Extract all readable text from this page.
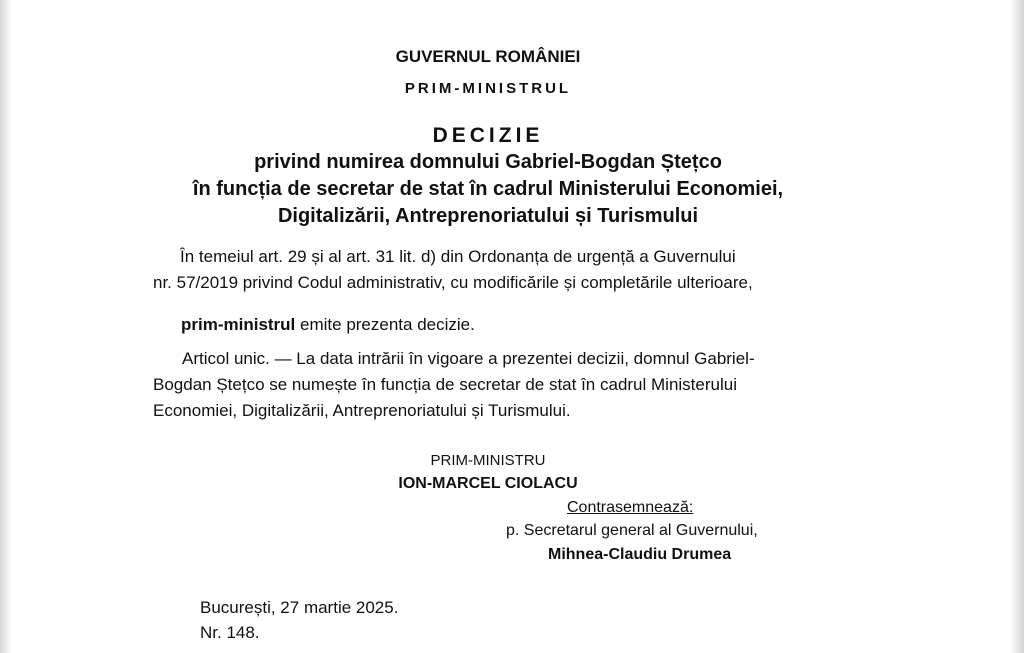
GUVERNUL ROMÂNIEI
PRIM-MINISTRUL
DECIZIE
privind numirea domnului Gabriel-Bogdan Ștețco
în funcția de secretar de stat în cadrul Ministerului Economiei,
Digitalizării, Antreprenoriatului și Turismului
În temeiul art. 29 și al art. 31 lit. d) din Ordonanța de urgență a Guvernului
nr. 57/2019 privind Codul administrativ, cu modificările și completările ulterioare,
prim-ministrul emite prezenta decizie.
Articol unic. — La data intrării în vigoare a prezentei decizii, domnul Gabriel-
Bogdan Ștețco se numește în funcția de secretar de stat în cadrul Ministerului
Economiei, Digitalizării, Antreprenoriatului și Turismului.
PRIM-MINISTRU
ION-MARCEL CIOLACU
Contrasemnează:
p. Secretarul general al Guvernului,
Mihnea-Claudiu Drumea
București, 27 martie 2025.
Nr. 148.
